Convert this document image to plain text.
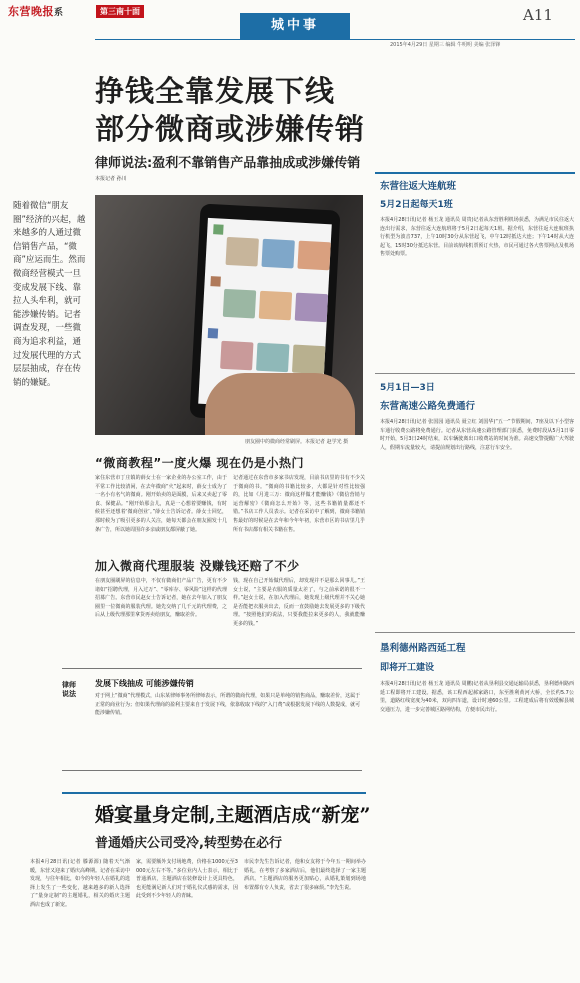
东营晚报系	第三南十面
城中事
A11
2015年4月29日 星期三 编辑 牛明明 美编 张泽锋
挣钱全靠发展下线
部分微商或涉嫌传销
律师说法:盈利不靠销售产品靠抽成或涉嫌传销
本报记者 孙川
朋友圈中的微商经常刷屏。本报记者 赵学光 摄
随着微信“朋友圈”经济的兴起，越来越多的人通过微信销售产品，“微商”应运而生。然而微商经营模式一旦变成发展下线、靠拉人头牟利，就可能涉嫌传销。记者调查发现，一些微商为追求利益，通过发展代理的方式层层抽成，存在传销的嫌疑。
“微商教程”一度火爆 现在仍是小热门
家住东营市丁庄镇的薛女士在一家企业的办公室工作，由于平常工作比较清闲，在去年微商“火”起来时，薛女士成为了一名小有名气的微商。刚开始卖的是面膜，后来又卖起了零食、保健品。“刚开始那会儿，真是一心想着要赚钱，有时候甚至还想着‘微商创业’。”薛女士告诉记者。薛女士回忆，那时候为了吸引更多的人关注，她每天都会在朋友圈发十几条广告，所以她周围许多亲戚朋友都屏蔽了她。
记者通过在东营市多家书店发现，目前书店里的书有不少关于微商的书。“微商的书籍比较多，大都是针对性比较强的，比如《月进三万：微商这样做才能赚钱》《微信营销与运营解密》《微商怎么开始》等，这些书籍销量都还不错。”书店工作人员表示。记者在采访中了解到，微商书籍销售最好的时候是在去年和今年年初，东营市区的书店里几乎所有书店都有相关书籍在售。
加入微商代理服装 没赚钱还赔了不少
在朋友圈刷屏的信息中，不仅有微商们产品广告，更有不少诸如“招聘代理，月入过万”、“零库存、零风险”这样的代理招募广告。东营市民赵女士告诉记者，她在去年加入了朋友圈里一位微商的服装代理。她先交纳了几千元的代理费，之后从上级代理那里拿货再卖给朋友，赚取差价。
钱，现在自己开始做代理后，却发现并不是那么回事儿。”王女士说，“主要是衣服的质量太差了，与之前承诺的很不一样。”赵女士说，在加入代理后，她发现上级代理并不关心她是否能把衣服卖出去，反而一直鼓励她去发展更多的下级代理。“按照他们的说法，只要我能拉来更多的人，我就能赚更多的钱。”
律师说法
发展下线抽成 可能涉嫌传销
对于网上“微商”代理模式，山东某律师事务所律师表示，所谓的微商代理，如果只是单纯的销售商品，赚取差价，这属于正常的商业行为；但如果代理商的盈利主要来自于发展下线，依靠收取下线的“入门费”或根据发展下线的人数提成，就可能涉嫌传销。
婚宴量身定制,主题酒店成“新宠”
普通婚庆公司受冷,转型势在必行
本报4月28日讯(记者 滕源源) 随着天气渐暖，东营又迎来了婚庆高峰期。记者在采访中发现，与往年相比，如今的年轻人在婚礼的选择上发生了一些变化，越来越多的新人选择了“量身定制”的主题婚礼，相关的婚庆主题酒店也成了新宠。
家，需要额外支付场地费，价格在1000元至3000元左右不等。”多位业内人士表示，相比于普通酒店，主题酒店在装修设计上更具特色，也更能满足新人们对于婚礼仪式感的需求，因此受到不少年轻人的青睐。
市民李先生告诉记者，他和女友将于今年五一期间举办婚礼，在考察了多家酒店后，他们最终选择了一家主题酒店。“主题酒店的服务更加贴心，从婚礼策划到场地布置都有专人负责，省去了很多麻烦。”李先生说。
东营往返大连航班
5月2日起每天1班
本报4月28日讯(记者 杨玉龙 通讯员 周贵)记者从东营胜利机场获悉，为满足市民往返大连出行需求，东营往返大连航班将于5月2日起每天1班。据介绍，东营往返大连航班执行机型为波音737，上午10时30分从东营起飞，中午12时抵达大连；下午14时从大连起飞，15时30分抵达东营。目前该航线机票预订火热，市民可通过各大售票网点及机场售票处购票。
5月1日—3日
东营高速公路免费通行
本报4月28日讯(记者 张国园 通讯员 聂立红 刘国华)“五一”节假期间，7座及以下小型客车通行收费公路将免费通行。记者从东营高速公路管理部门获悉，免费时段从5月1日零时开始，5月3日24时结束，以车辆驶离出口收费站的时间为准。高速交警提醒广大驾驶人，假期车流量较大，请提前规划出行路线，注意行车安全。
垦利德州路西延工程
即将开工建设
本报4月28日讯(记者 杨玉龙 通讯员 周鹏)记者从垦利县交通运输局获悉，垦利德州路西延工程即将开工建设。据悉，该工程西起郝家路口，东至胜利黄河大桥，全长约5.7公里，道路红线宽度为40米，双向四车道，设计时速60公里。工程建成后将有效缓解县城交通压力，进一步完善城区路网结构，方便市民出行。
